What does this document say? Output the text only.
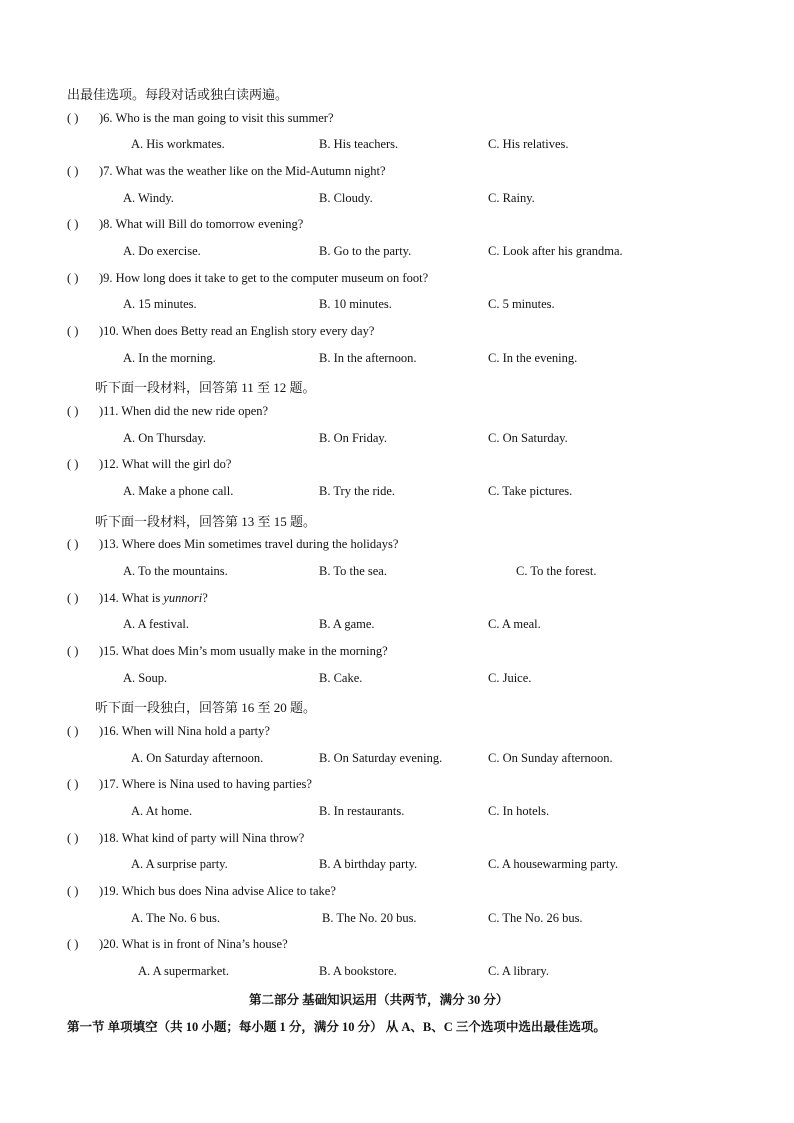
出最佳选项。每段对话或独白读两遍。
( ) )6. Who is the man going to visit this summer?
A. His workmates.	B. His teachers.	C. His relatives.
( ) )7. What was the weather like on the Mid-Autumn night?
A. Windy.	B. Cloudy.	C. Rainy.
( ) )8. What will Bill do tomorrow evening?
A. Do exercise.	B. Go to the party.	C. Look after his grandma.
( ) )9. How long does it take to get to the computer museum on foot?
A. 15 minutes.	B. 10 minutes.	C. 5 minutes.
( ) )10. When does Betty read an English story every day?
A. In the morning.	B. In the afternoon.	C. In the evening.
听下面一段材料，回答第 11 至 12 题。
( ) )11. When did the new ride open?
A. On Thursday.	B. On Friday.	C. On Saturday.
( ) )12. What will the girl do?
A. Make a phone call.	B. Try the ride.	C. Take pictures.
听下面一段材料，回答第 13 至 15 题。
( ) )13. Where does Min sometimes travel during the holidays?
A. To the mountains.	B. To the sea.	C. To the forest.
( ) )14. What is yunnori?
A. A festival.	B. A game.	C. A meal.
( ) )15. What does Min’s mom usually make in the morning?
A. Soup.	B. Cake.	C. Juice.
听下面一段独白，回答第 16 至 20 题。
( ) )16. When will Nina hold a party?
A. On Saturday afternoon.	B. On Saturday evening.	C. On Sunday afternoon.
( ) )17. Where is Nina used to having parties?
A. At home.	B. In restaurants.	C. In hotels.
( ) )18. What kind of party will Nina throw?
A. A surprise party.	B. A birthday party.	C. A housewarming party.
( ) )19. Which bus does Nina advise Alice to take?
A. The No. 6 bus.	B. The No. 20 bus.	C. The No. 26 bus.
( ) )20. What is in front of Nina’s house?
A. A supermarket.	B. A bookstore.	C. A library.
第二部分 基础知识运用（共两节，满分 30 分）
第一节 单项填空（共 10 小题；每小题 1 分，满分 10 分） 从 A、B、C 三个选项中选出最佳选项。
